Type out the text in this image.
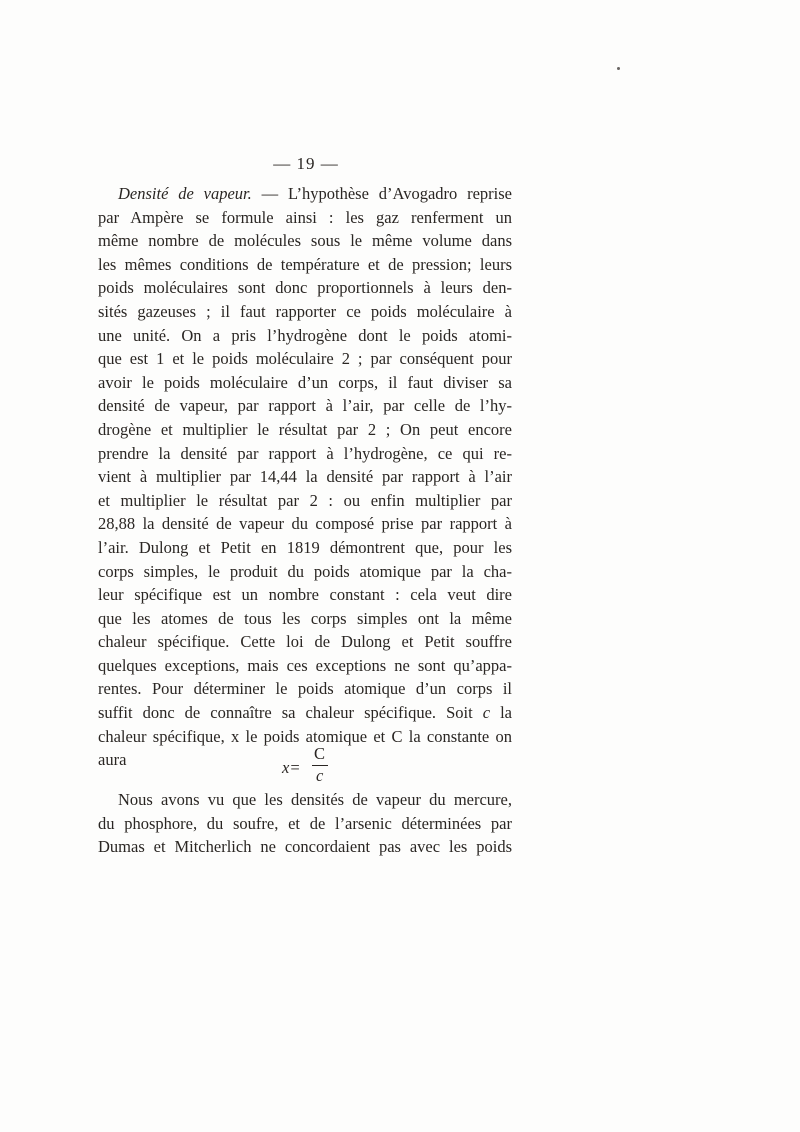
— 19 —
Densité de vapeur. — L’hypothèse d’Avogadro reprise
par Ampère se formule ainsi : les gaz renferment un
même nombre de molécules sous le même volume dans
les mêmes conditions de température et de pression; leurs
poids moléculaires sont donc proportionnels à leurs den-
sités gazeuses ; il faut rapporter ce poids moléculaire à
une unité. On a pris l’hydrogène dont le poids atomi-
que est 1 et le poids moléculaire 2 ; par conséquent pour
avoir le poids moléculaire d’un corps, il faut diviser sa
densité de vapeur, par rapport à l’air, par celle de l’hy-
drogène et multiplier le résultat par 2 ; On peut encore
prendre la densité par rapport à l’hydrogène, ce qui re-
vient à multiplier par 14,44 la densité par rapport à l’air
et multiplier le résultat par 2 : ou enfin multiplier par
28,88 la densité de vapeur du composé prise par rapport à
l’air. Dulong et Petit en 1819 démontrent que, pour les
corps simples, le produit du poids atomique par la cha-
leur spécifique est un nombre constant : cela veut dire
que les atomes de tous les corps simples ont la même
chaleur spécifique. Cette loi de Dulong et Petit souffre
quelques exceptions, mais ces exceptions ne sont qu’appa-
rentes. Pour déterminer le poids atomique d’un corps il
suffit donc de connaître sa chaleur spécifique. Soit c la
chaleur spécifique, x le poids atomique et C la constante on
aura	x=
C
c
Nous avons vu que les densités de vapeur du mercure,
du phosphore, du soufre, et de l’arsenic déterminées par
Dumas et Mitcherlich ne concordaient pas avec les poids
